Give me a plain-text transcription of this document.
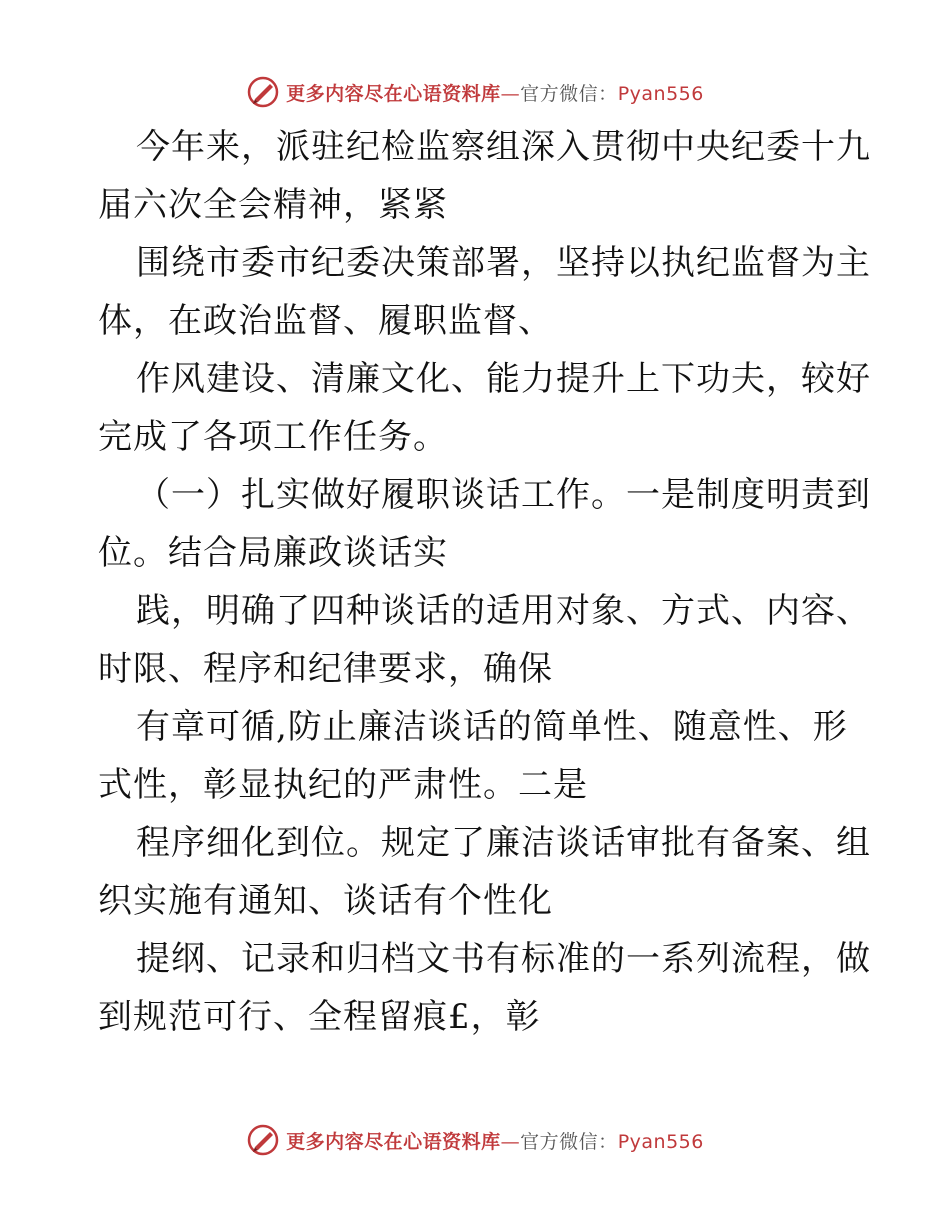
更多内容尽在心语资料库—官方微信：Pyan556
今年来，派驻纪检监察组深入贯彻中央纪委十九
届六次全会精神，紧紧
围绕市委市纪委决策部署，坚持以执纪监督为主
体，在政治监督、履职监督、
作风建设、清廉文化、能力提升上下功夫，较好
完成了各项工作任务。
（一）扎实做好履职谈话工作。一是制度明责到
位。结合局廉政谈话实
践，明确了四种谈话的适用对象、方式、内容、
时限、程序和纪律要求，确保
有章可循,防止廉洁谈话的简单性、随意性、形
式性，彰显执纪的严肃性。二是
程序细化到位。规定了廉洁谈话审批有备案、组
织实施有通知、谈话有个性化
提纲、记录和归档文书有标准的一系列流程，做
到规范可行、全程留痕£，彰
更多内容尽在心语资料库—官方微信：Pyan556
